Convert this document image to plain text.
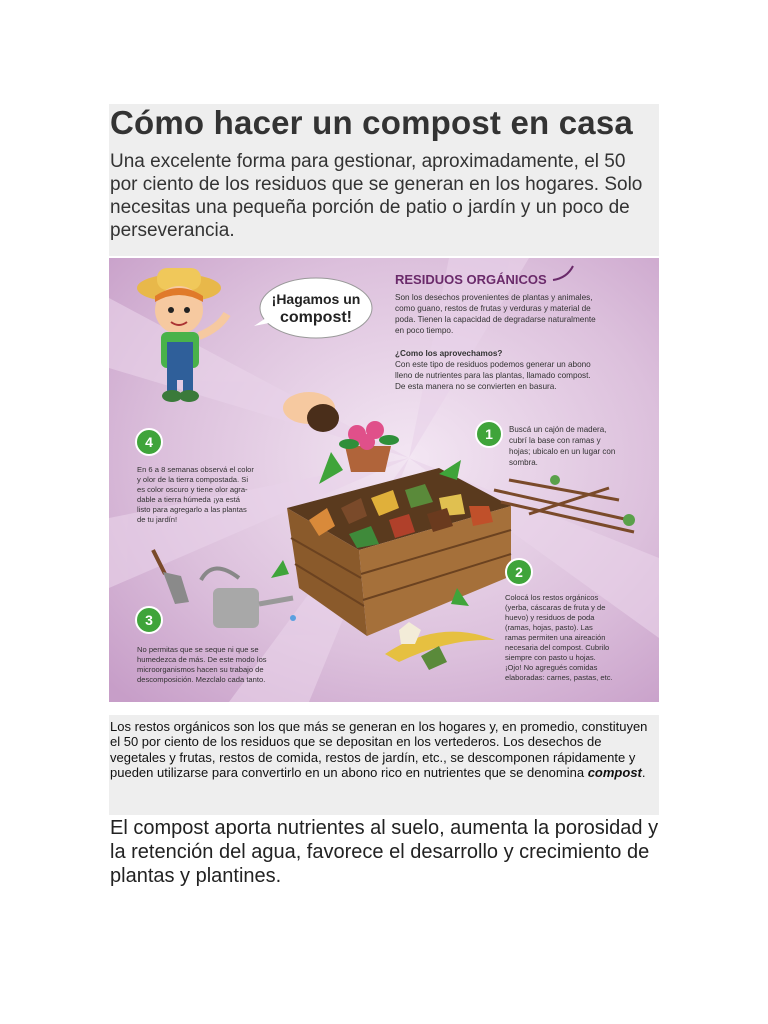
Cómo hacer un compost en casa
Una excelente forma para gestionar, aproximadamente, el 50 por ciento de los residuos que se generan en los hogares. Solo necesitas una pequeña porción de patio o jardín y un poco de perseverancia.
¡Hagamos un
compost!
RESIDUOS ORGÁNICOS
Son los desechos provenientes de plantas y animales,
como guano, restos de frutas y verduras y material de
poda. Tienen la capacidad de degradarse naturalmente
en poco tiempo.
¿Como los aprovechamos?
Con este tipo de residuos podemos generar un abono
lleno de nutrientes para las plantas, llamado compost.
De esta manera no se convierten en basura.
1 Buscá un cajón de madera,
cubrí la base con ramas y
hojas; ubicalo en un lugar con
sombra.
2
Colocá los restos orgánicos
(yerba, cáscaras de fruta y de
huevo) y residuos de poda
(ramas, hojas, pasto). Las
ramas permiten una aireación
necesaria del compost. Cubrilo
siempre con pasto u hojas.
¡Ojo! No agregués comidas
elaboradas: carnes, pastas, etc.
3
No permitas que se seque ni que se
humedezca de más. De este modo los
microorganismos hacen su trabajo de
descomposición. Mezclalo cada tanto.
4
En 6 a 8 semanas observá el color
y olor de la tierra compostada. Si
es color oscuro y tiene olor agra-
dable a tierra húmeda ¡ya está
listo para agregarlo a las plantas
de tu jardín!
Los restos orgánicos son los que más se generan en los hogares y, en promedio, constituyen el 50 por ciento de los residuos que se depositan en los vertederos. Los desechos de vegetales y frutas, restos de comida, restos de jardín, etc., se descomponen rápidamente y pueden utilizarse para convertirlo en un abono rico en nutrientes que se denomina compost.
El compost aporta nutrientes al suelo, aumenta la porosidad y la retención del agua, favorece el desarrollo y crecimiento de plantas y plantines.
